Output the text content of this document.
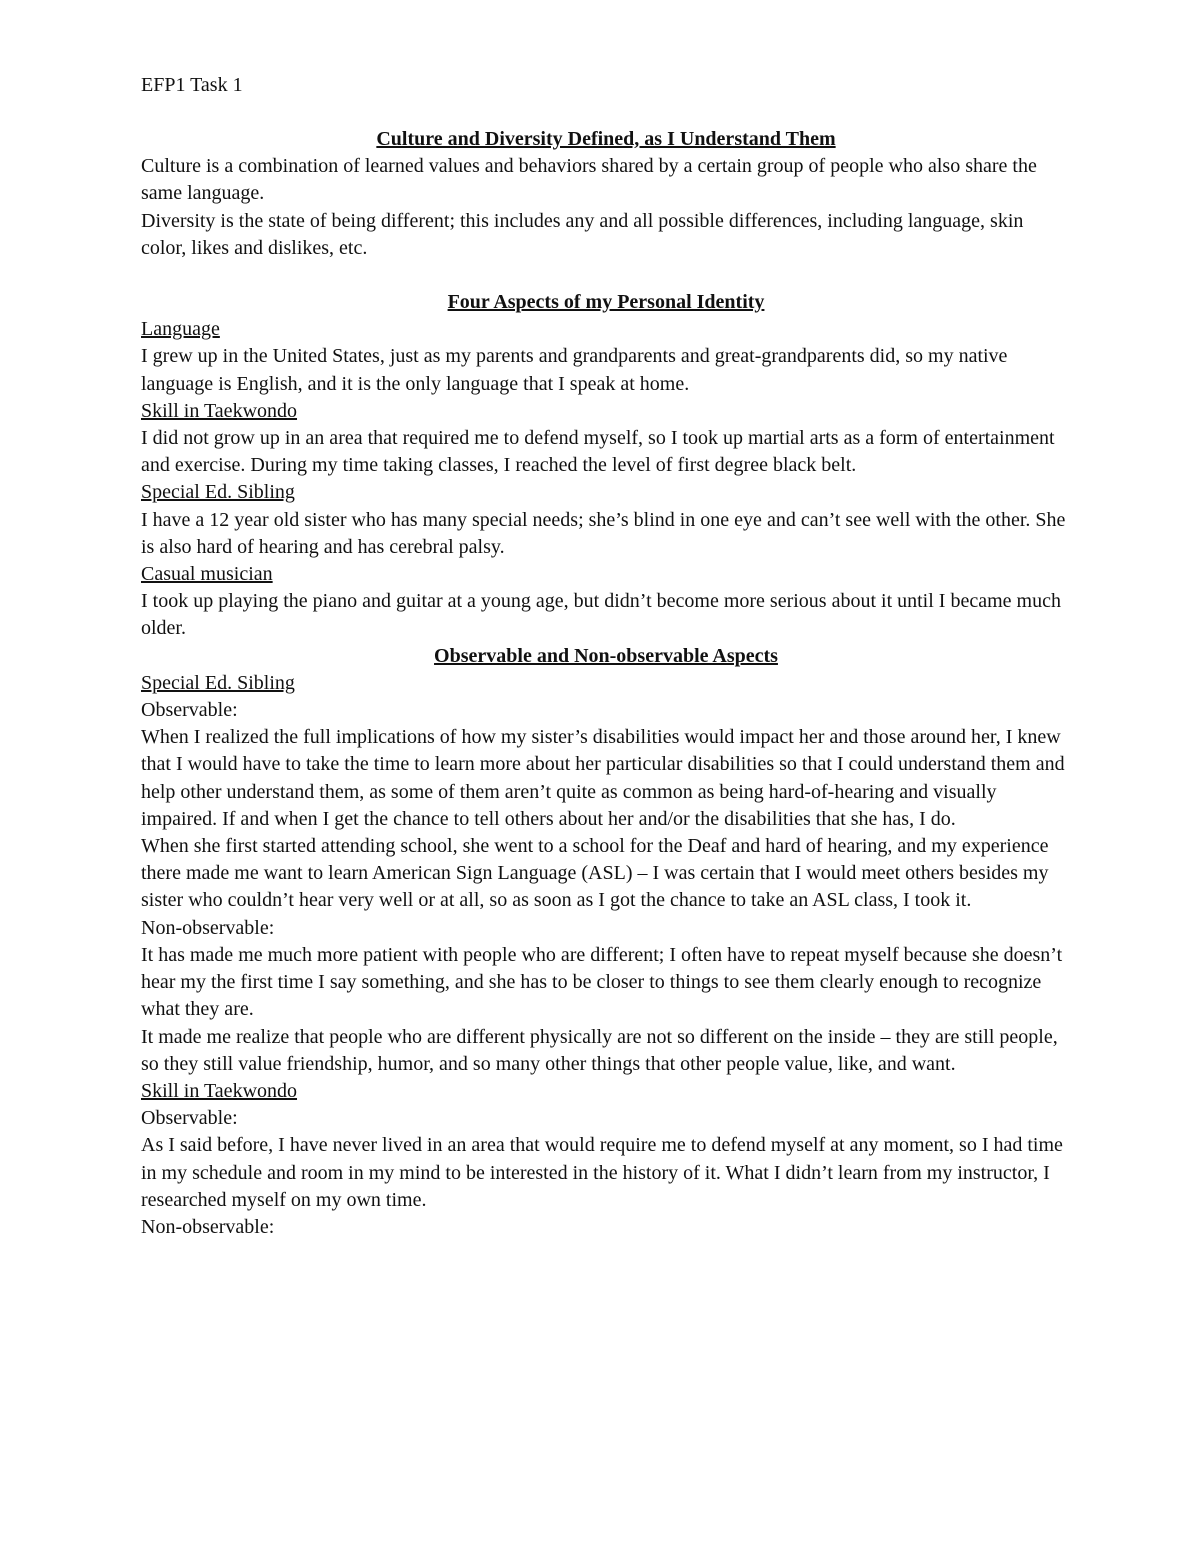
EFP1 Task 1

Culture and Diversity Defined, as I Understand Them

Culture is a combination of learned values and behaviors shared by a certain group of people who also share the same language.

Diversity is the state of being different; this includes any and all possible differences, including language, skin color, likes and dislikes, etc.

Four Aspects of my Personal Identity

Language

I grew up in the United States, just as my parents and grandparents and great-grandparents did, so my native language is English, and it is the only language that I speak at home.

Skill in Taekwondo

I did not grow up in an area that required me to defend myself, so I took up martial arts as a form of entertainment and exercise. During my time taking classes, I reached the level of first degree black belt.

Special Ed. Sibling

I have a 12 year old sister who has many special needs; she’s blind in one eye and can’t see well with the other. She is also hard of hearing and has cerebral palsy.

Casual musician

I took up playing the piano and guitar at a young age, but didn’t become more serious about it until I became much older.

Observable and Non-observable Aspects

Special Ed. Sibling

Observable:

When I realized the full implications of how my sister’s disabilities would impact her and those around her, I knew that I would have to take the time to learn more about her particular disabilities so that I could understand them and help other understand them, as some of them aren’t quite as common as being hard-of-hearing and visually impaired. If and when I get the chance to tell others about her and/or the disabilities that she has, I do.

When she first started attending school, she went to a school for the Deaf and hard of hearing, and my experience there made me want to learn American Sign Language (ASL) – I was certain that I would meet others besides my sister who couldn’t hear very well or at all, so as soon as I got the chance to take an ASL class, I took it.

Non-observable:

It has made me much more patient with people who are different; I often have to repeat myself because she doesn’t hear my the first time I say something, and she has to be closer to things to see them clearly enough to recognize what they are.

It made me realize that people who are different physically are not so different on the inside – they are still people, so they still value friendship, humor, and so many other things that other people value, like, and want.

Skill in Taekwondo

Observable:

As I said before, I have never lived in an area that would require me to defend myself at any moment, so I had time in my schedule and room in my mind to be interested in the history of it. What I didn’t learn from my instructor, I researched myself on my own time.

Non-observable:
